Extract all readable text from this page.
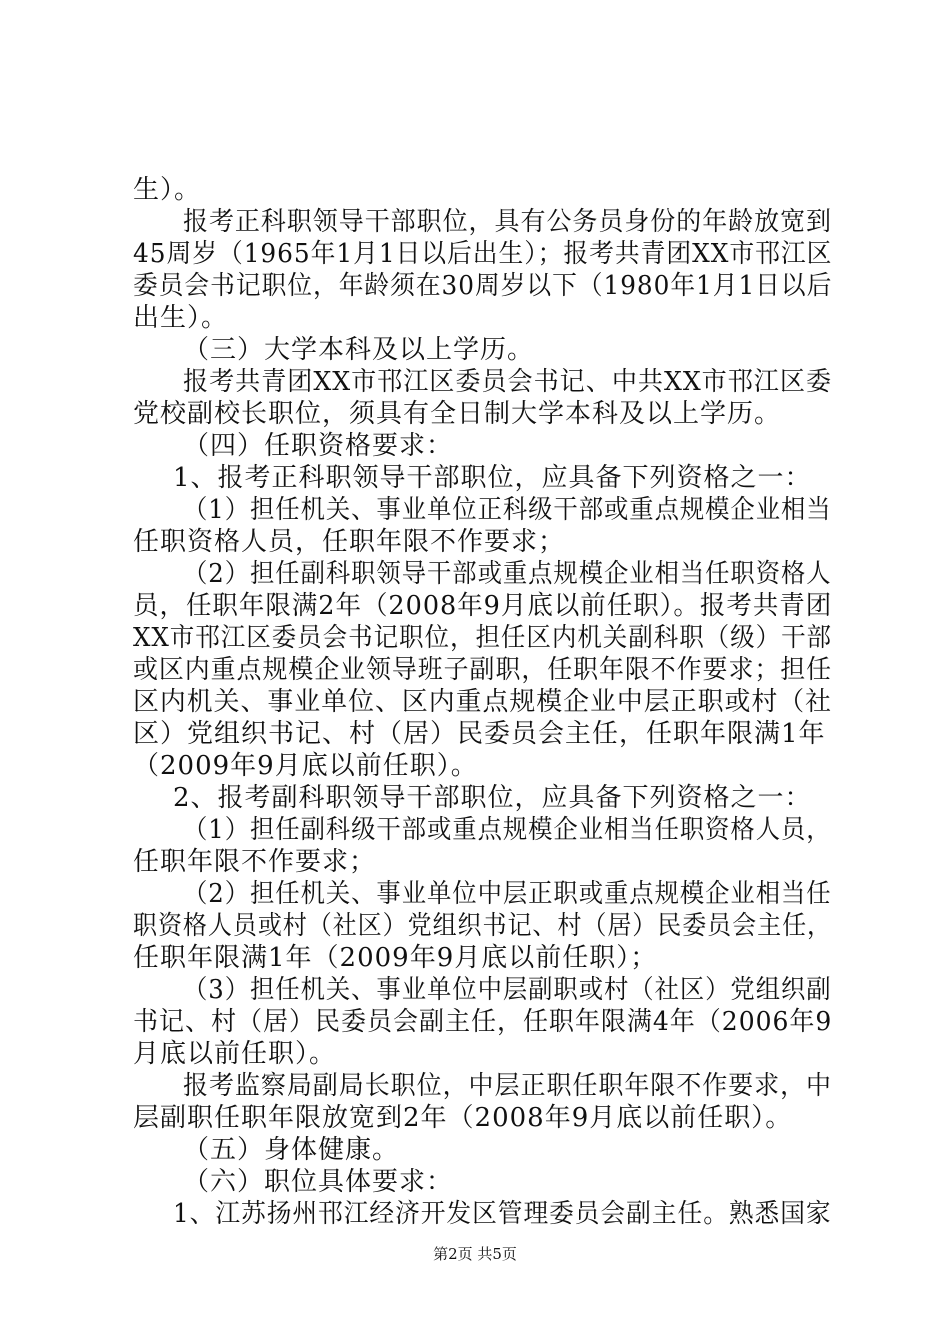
生）。
报考正科职领导干部职位，具有公务员身份的年龄放宽到
45周岁（1965年1月1日以后出生）；报考共青团XX市邗江区
委员会书记职位，年龄须在30周岁以下（1980年1月1日以后
出生）。
（三）大学本科及以上学历。
报考共青团XX市邗江区委员会书记、中共XX市邗江区委
党校副校长职位，须具有全日制大学本科及以上学历。
（四）任职资格要求：
1、报考正科职领导干部职位，应具备下列资格之一：
（1）担任机关、事业单位正科级干部或重点规模企业相当
任职资格人员，任职年限不作要求；
（2）担任副科职领导干部或重点规模企业相当任职资格人
员，任职年限满2年（2008年9月底以前任职）。报考共青团
XX市邗江区委员会书记职位，担任区内机关副科职（级）干部
或区内重点规模企业领导班子副职，任职年限不作要求；担任
区内机关、事业单位、区内重点规模企业中层正职或村（社
区）党组织书记、村（居）民委员会主任，任职年限满1年
（2009年9月底以前任职）。
2、报考副科职领导干部职位，应具备下列资格之一：
（1）担任副科级干部或重点规模企业相当任职资格人员，
任职年限不作要求；
（2）担任机关、事业单位中层正职或重点规模企业相当任
职资格人员或村（社区）党组织书记、村（居）民委员会主任，
任职年限满1年（2009年9月底以前任职）；
（3）担任机关、事业单位中层副职或村（社区）党组织副
书记、村（居）民委员会副主任，任职年限满4年（2006年9
月底以前任职）。
报考监察局副局长职位，中层正职任职年限不作要求，中
层副职任职年限放宽到2年（2008年9月底以前任职）。
（五）身体健康。
（六）职位具体要求：
1、江苏扬州邗江经济开发区管理委员会副主任。熟悉国家
第2页 共5页
